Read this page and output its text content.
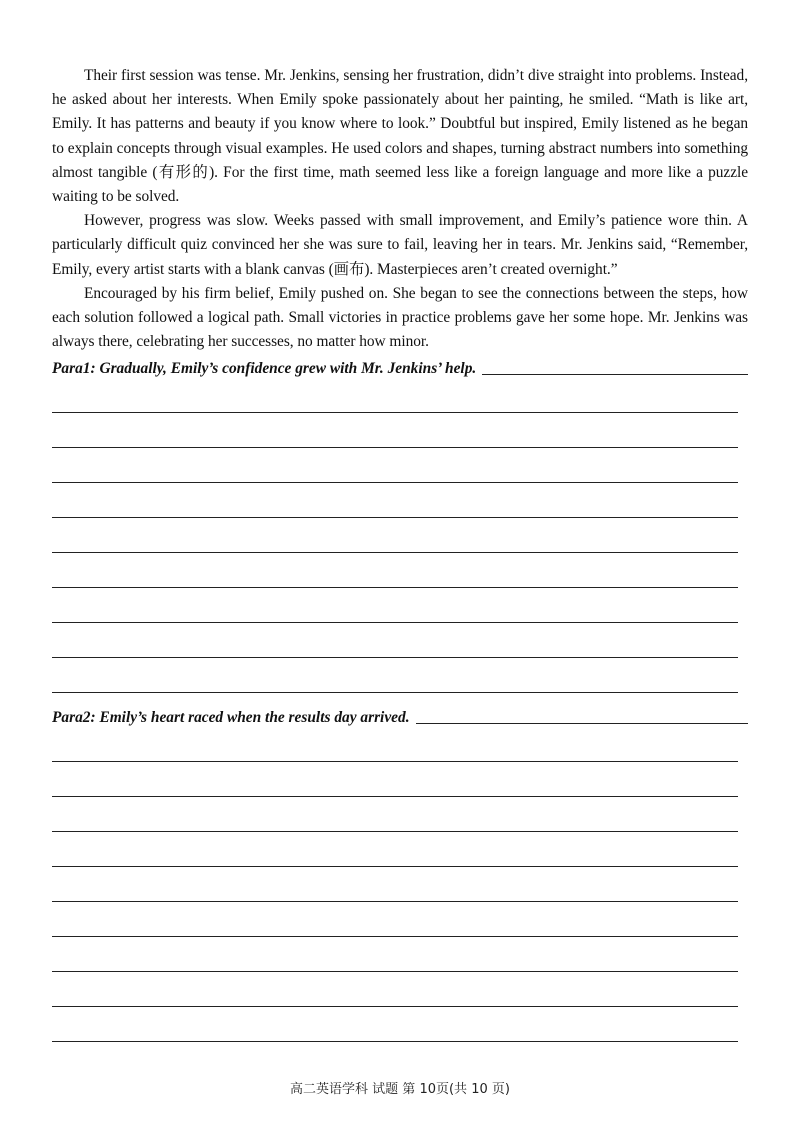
Their first session was tense. Mr. Jenkins, sensing her frustration, didn’t dive straight into problems. Instead, he asked about her interests. When Emily spoke passionately about her painting, he smiled. “Math is like art, Emily. It has patterns and beauty if you know where to look.” Doubtful but inspired, Emily listened as he began to explain concepts through visual examples. He used colors and shapes, turning abstract numbers into something almost tangible (有形的). For the first time, math seemed less like a foreign language and more like a puzzle waiting to be solved.

However, progress was slow. Weeks passed with small improvement, and Emily’s patience wore thin. A particularly difficult quiz convinced her she was sure to fail, leaving her in tears. Mr. Jenkins said, “Remember, Emily, every artist starts with a blank canvas (画布). Masterpieces aren’t created overnight.”

Encouraged by his firm belief, Emily pushed on. She began to see the connections between the steps, how each solution followed a logical path. Small victories in practice problems gave her some hope. Mr. Jenkins was always there, celebrating her successes, no matter how minor.

Para1: Gradually, Emily’s confidence grew with Mr. Jenkins’ help.
Para2: Emily’s heart raced when the results day arrived.
高二英语学科 试题 第 10页(共 10 页)
